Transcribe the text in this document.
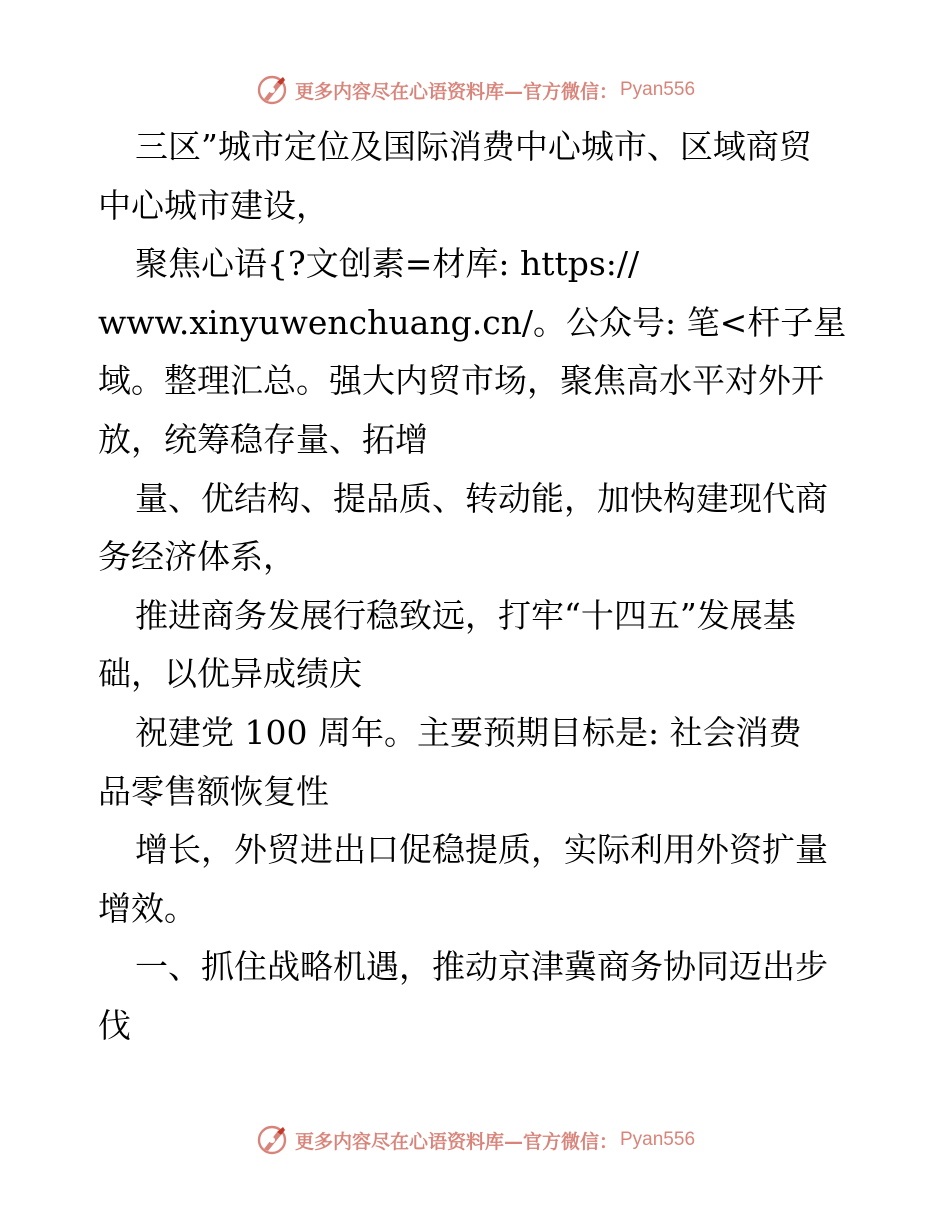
更多内容尽在心语资料库—官方微信： Pyan556
三区”城市定位及国际消费中心城市、区域商贸
中心城市建设，
聚焦心语{?文创素=材库: https://
www.xinyuwenchuang.cn/。公众号: 笔<杆子星
域。整理汇总。强大内贸市场，聚焦高水平对外开
放，统筹稳存量、拓增
量、优结构、提品质、转动能，加快构建现代商
务经济体系，
推进商务发展行稳致远，打牢“十四五”发展基
础，以优异成绩庆
祝建党 100 周年。主要预期目标是: 社会消费
品零售额恢复性
增长，外贸进出口促稳提质，实际利用外资扩量
增效。
一、抓住战略机遇，推动京津冀商务协同迈出步
伐
更多内容尽在心语资料库—官方微信： Pyan556
